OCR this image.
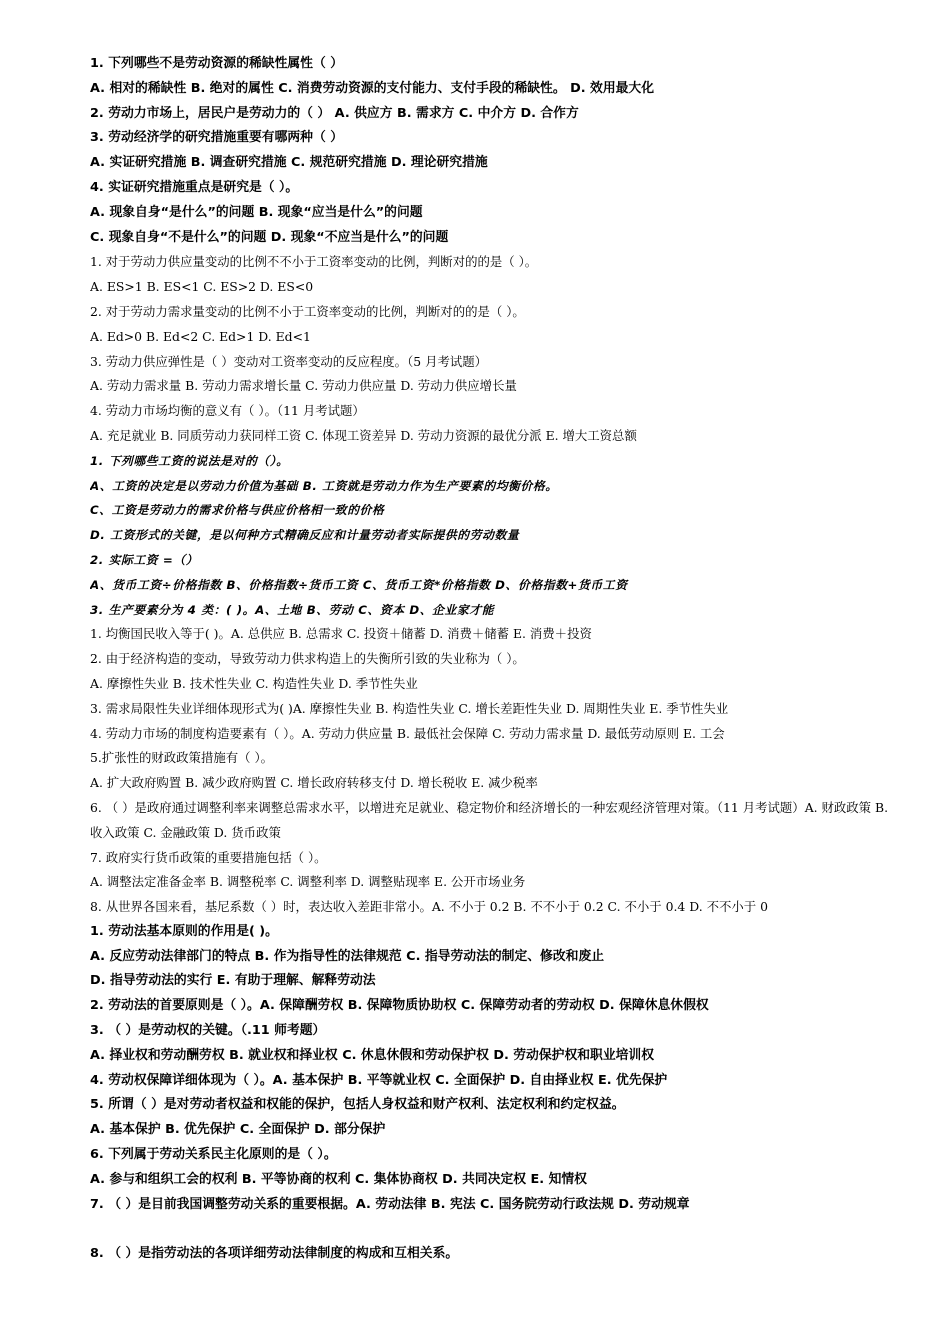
1. 下列哪些不是劳动资源的稀缺性属性（ ）
A. 相对的稀缺性 B. 绝对的属性 C. 消费劳动资源的支付能力、支付手段的稀缺性。 D. 效用最大化
2. 劳动力市场上，居民户是劳动力的（ ） A. 供应方 B. 需求方 C. 中介方 D. 合作方
3. 劳动经济学的研究措施重要有哪两种（ ）
A. 实证研究措施 B. 调查研究措施 C. 规范研究措施 D. 理论研究措施
4. 实证研究措施重点是研究是（ ）。
A. 现象自身“是什么”的问题 B. 现象“应当是什么”的问题
C. 现象自身“不是什么”的问题 D. 现象“不应当是什么”的问题
1. 对于劳动力供应量变动的比例不不小于工资率变动的比例，判断对的的是（ ）。
A. ES>1 B. ES<1 C. ES>2 D. ES<0
2. 对于劳动力需求量变动的比例不小于工资率变动的比例，判断对的的是（ ）。
A. Ed>0 B. Ed<2 C. Ed>1 D. Ed<1
3. 劳动力供应弹性是（ ）变动对工资率变动的反应程度。（5 月考试题）
A. 劳动力需求量 B. 劳动力需求增长量 C. 劳动力供应量 D. 劳动力供应增长量
4. 劳动力市场均衡的意义有（ ）。（11 月考试题）
A. 充足就业 B. 同质劳动力获同样工资 C. 体现工资差异 D. 劳动力资源的最优分派 E. 增大工资总额
1. 下列哪些工资的说法是对的（）。
A、工资的决定是以劳动力价值为基础 B. 工资就是劳动力作为生产要素的均衡价格。
C、工资是劳动力的需求价格与供应价格相一致的价格
D. 工资形式的关键，是以何种方式精确反应和计量劳动者实际提供的劳动数量
2. 实际工资 =（）
A、货币工资÷价格指数 B、价格指数÷货币工资 C、货币工资*价格指数 D、价格指数+货币工资
3. 生产要素分为 4 类：( )。A、土地 B、劳动 C、资本 D、企业家才能
1. 均衡国民收入等于( )。A. 总供应 B. 总需求 C. 投资＋储蓄 D. 消费＋储蓄 E. 消费＋投资
2. 由于经济构造的变动，导致劳动力供求构造上的失衡所引致的失业称为（ ）。
A. 摩擦性失业 B. 技术性失业 C. 构造性失业 D. 季节性失业
3. 需求局限性失业详细体现形式为( )A. 摩擦性失业 B. 构造性失业 C. 增长差距性失业 D. 周期性失业 E. 季节性失业
4. 劳动力市场的制度构造要素有（ ）。A. 劳动力供应量 B. 最低社会保障 C. 劳动力需求量 D. 最低劳动原则 E. 工会
5.扩张性的财政政策措施有（ ）。
A. 扩大政府购置 B. 减少政府购置 C. 增长政府转移支付 D. 增长税收 E. 减少税率
6. （ ）是政府通过调整利率来调整总需求水平，以增进充足就业、稳定物价和经济增长的一种宏观经济管理对策。（11 月考试题）A. 财政政策 B. 收入政策 C. 金融政策 D. 货币政策
7. 政府实行货币政策的重要措施包括（ ）。
A. 调整法定准备金率 B. 调整税率 C. 调整利率 D. 调整贴现率 E. 公开市场业务
8. 从世界各国来看，基尼系数（ ）时，表达收入差距非常小。A. 不小于 0.2 B. 不不小于 0.2 C. 不小于 0.4 D. 不不小于 0
1. 劳动法基本原则的作用是( )。
A. 反应劳动法律部门的特点 B. 作为指导性的法律规范 C. 指导劳动法的制定、修改和废止
D. 指导劳动法的实行 E. 有助于理解、解释劳动法
2. 劳动法的首要原则是（ ）。A. 保障酬劳权 B. 保障物质协助权 C. 保障劳动者的劳动权 D. 保障休息休假权
3. （ ）是劳动权的关键。（.11 师考题）
A. 择业权和劳动酬劳权 B. 就业权和择业权 C. 休息休假和劳动保护权 D. 劳动保护权和职业培训权
4. 劳动权保障详细体现为（ ）。A. 基本保护 B. 平等就业权 C. 全面保护 D. 自由择业权 E. 优先保护
5. 所谓（ ）是对劳动者权益和权能的保护，包括人身权益和财产权利、法定权利和约定权益。
A. 基本保护 B. 优先保护 C. 全面保护 D. 部分保护
6. 下列属于劳动关系民主化原则的是（ ）。
A. 参与和组织工会的权利 B. 平等协商的权利 C. 集体协商权 D. 共同决定权 E. 知情权
7. （ ）是目前我国调整劳动关系的重要根据。A. 劳动法律 B. 宪法 C. 国务院劳动行政法规 D. 劳动规章
8. （ ）是指劳动法的各项详细劳动法律制度的构成和互相关系。
